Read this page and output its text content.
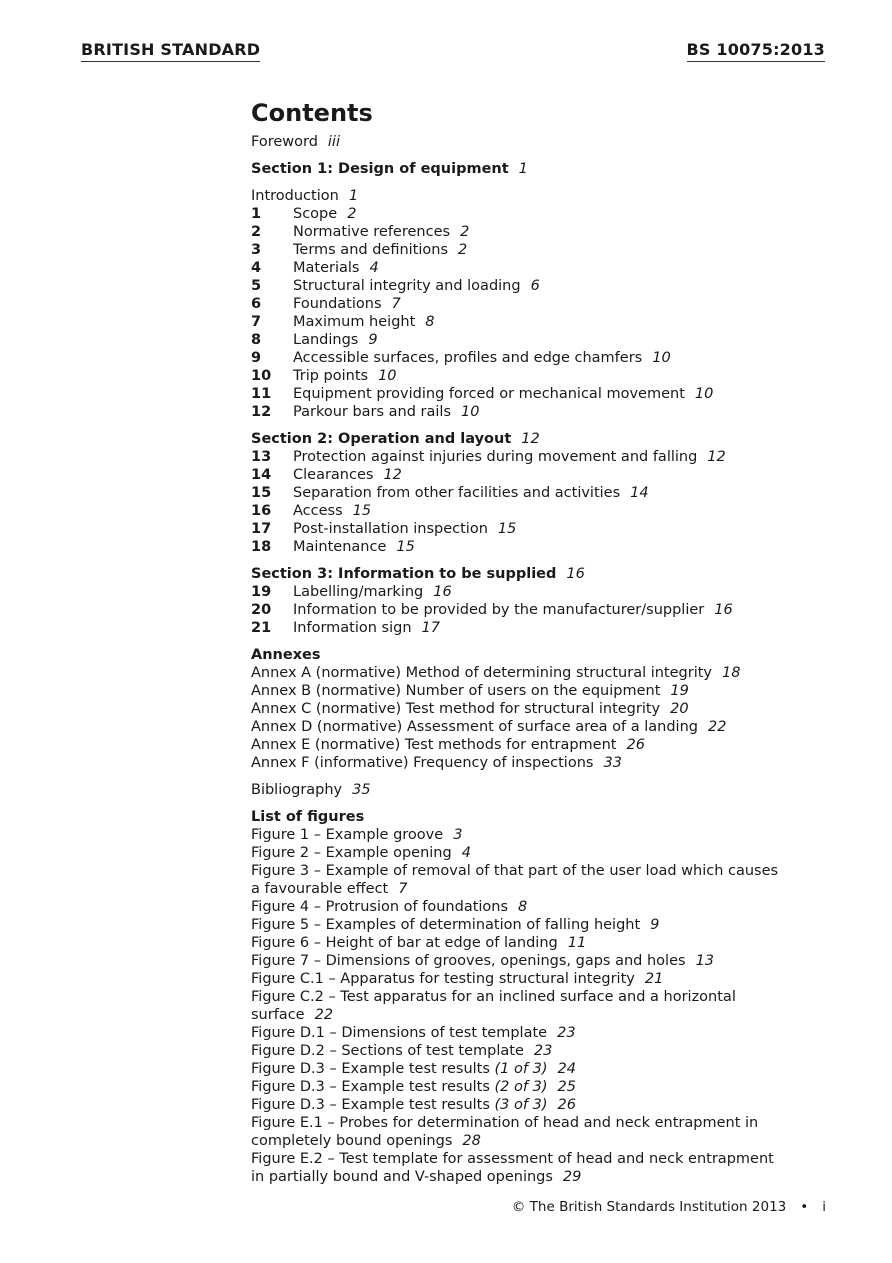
BRITISH STANDARD	BS 10075:2013
Contents
Foreword iii
Section 1: Design of equipment 1
Introduction 1
1 Scope 2
2 Normative references 2
3 Terms and definitions 2
4 Materials 4
5 Structural integrity and loading 6
6 Foundations 7
7 Maximum height 8
8 Landings 9
9 Accessible surfaces, profiles and edge chamfers 10
10 Trip points 10
11 Equipment providing forced or mechanical movement 10
12 Parkour bars and rails 10
Section 2: Operation and layout 12
13 Protection against injuries during movement and falling 12
14 Clearances 12
15 Separation from other facilities and activities 14
16 Access 15
17 Post-installation inspection 15
18 Maintenance 15
Section 3: Information to be supplied 16
19 Labelling/marking 16
20 Information to be provided by the manufacturer/supplier 16
21 Information sign 17
Annexes
Annex A (normative) Method of determining structural integrity 18
Annex B (normative) Number of users on the equipment 19
Annex C (normative) Test method for structural integrity 20
Annex D (normative) Assessment of surface area of a landing 22
Annex E (normative) Test methods for entrapment 26
Annex F (informative) Frequency of inspections 33
Bibliography 35
List of figures
Figure 1 – Example groove 3
Figure 2 – Example opening 4
Figure 3 – Example of removal of that part of the user load which causes a favourable effect 7
Figure 4 – Protrusion of foundations 8
Figure 5 – Examples of determination of falling height 9
Figure 6 – Height of bar at edge of landing 11
Figure 7 – Dimensions of grooves, openings, gaps and holes 13
Figure C.1 – Apparatus for testing structural integrity 21
Figure C.2 – Test apparatus for an inclined surface and a horizontal surface 22
Figure D.1 – Dimensions of test template 23
Figure D.2 – Sections of test template 23
Figure D.3 – Example test results (1 of 3) 24
Figure D.3 – Example test results (2 of 3) 25
Figure D.3 – Example test results (3 of 3) 26
Figure E.1 – Probes for determination of head and neck entrapment in completely bound openings 28
Figure E.2 – Test template for assessment of head and neck entrapment in partially bound and V-shaped openings 29
© The British Standards Institution 2013 • i
